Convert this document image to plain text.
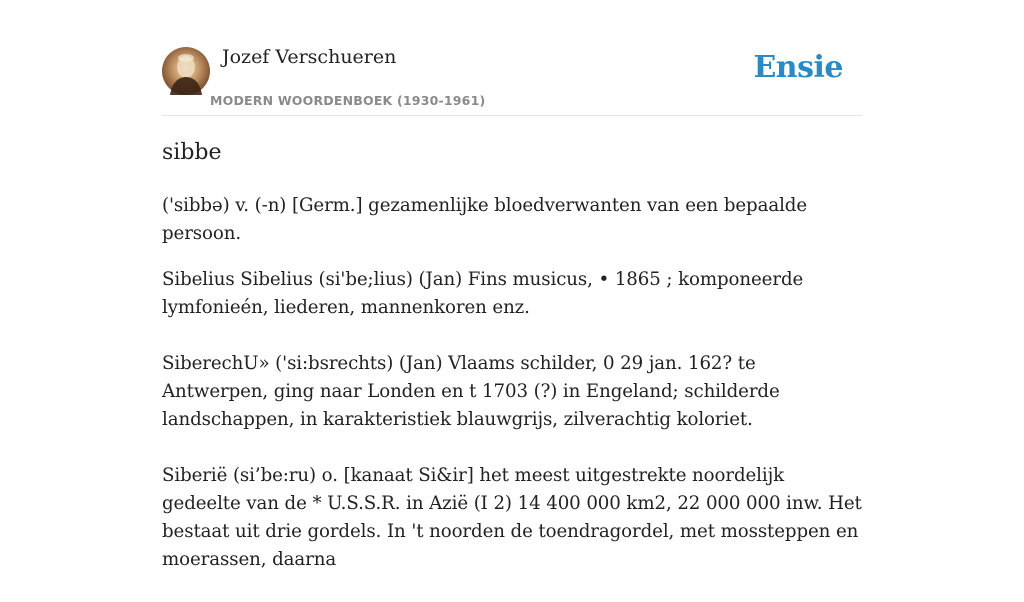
Jozef Verschueren
MODERN WOORDENBOEK (1930-1961)
Ensie
sibbe

('sibbə) v. (-n) [Germ.] gezamenlijke bloedverwanten van een bepaalde persoon.

Sibelius Sibelius (si'be;lius) (Jan) Fins musicus, • 1865 ; komponeerde lymfonieén, liederen, mannenkoren enz.

SiberechU» ('si:bsrechts) (Jan) Vlaams schilder, 0 29 jan. 162? te Antwerpen, ging naar Londen en t 1703 (?) in Engeland; schilderde landschappen, in karakteristiek blauwgrijs, zilverachtig koloriet.

Siberië (si’be:ru) o. [kanaat Si&ir] het meest uitgestrekte noordelijk gedeelte van de * U.S.S.R. in Azië (I 2) 14 400 000 km2, 22 000 000 inw. Het bestaat uit drie gordels. In 't noorden de toendragordel, met mossteppen en moerassen, daarna
